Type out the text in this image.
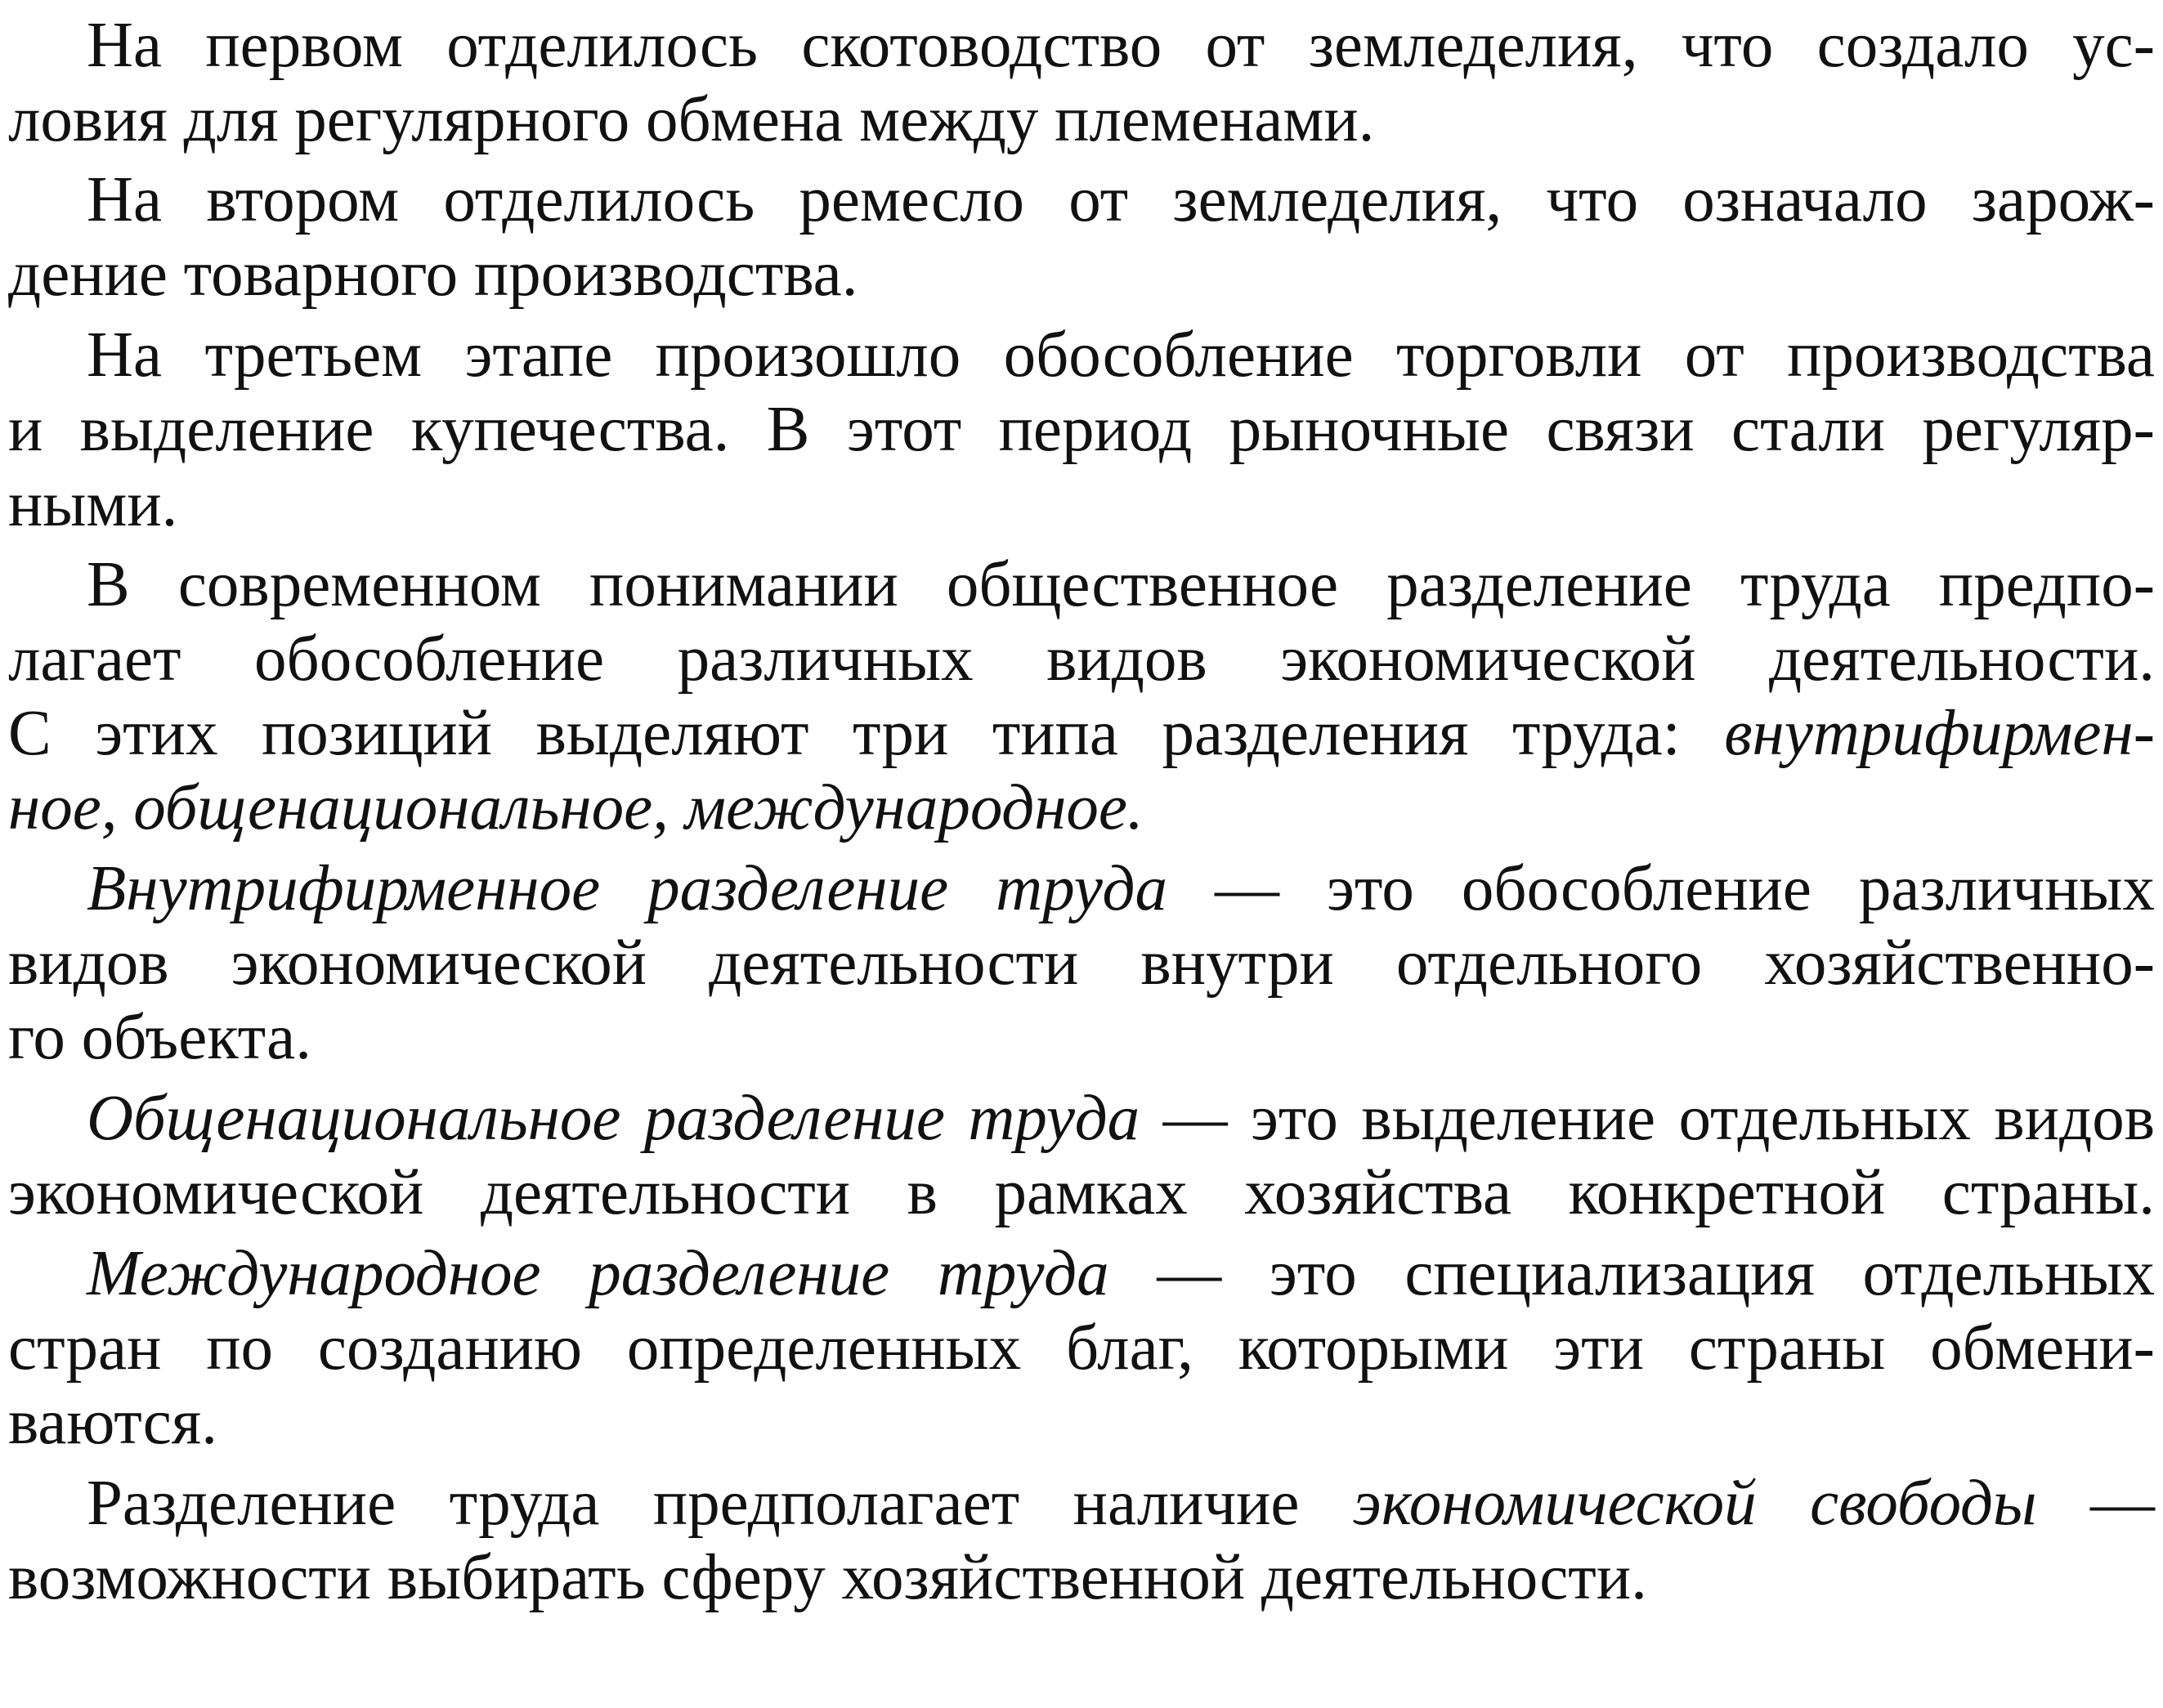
На первом отделилось скотоводство от земледелия, что создало ус-
ловия для регулярного обмена между племенами.
На втором отделилось ремесло от земледелия, что означало зарож-
дение товарного производства.
На третьем этапе произошло обособление торговли от производства
и выделение купечества. В этот период рыночные связи стали регуляр-
ными.
В современном понимании общественное разделение труда предпо-
лагает обособление различных видов экономической деятельности.
С этих позиций выделяют три типа разделения труда: внутрифирмен-
ное, общенациональное, международное.
Внутрифирменное разделение труда — это обособление различных
видов экономической деятельности внутри отдельного хозяйственно-
го объекта.
Общенациональное разделение труда — это выделение отдельных видов
экономической деятельности в рамках хозяйства конкретной страны.
Международное разделение труда — это специализация отдельных
стран по созданию определенных благ, которыми эти страны обмени-
ваются.
Разделение труда предполагает наличие экономической свободы —
возможности выбирать сферу хозяйственной деятельности.
